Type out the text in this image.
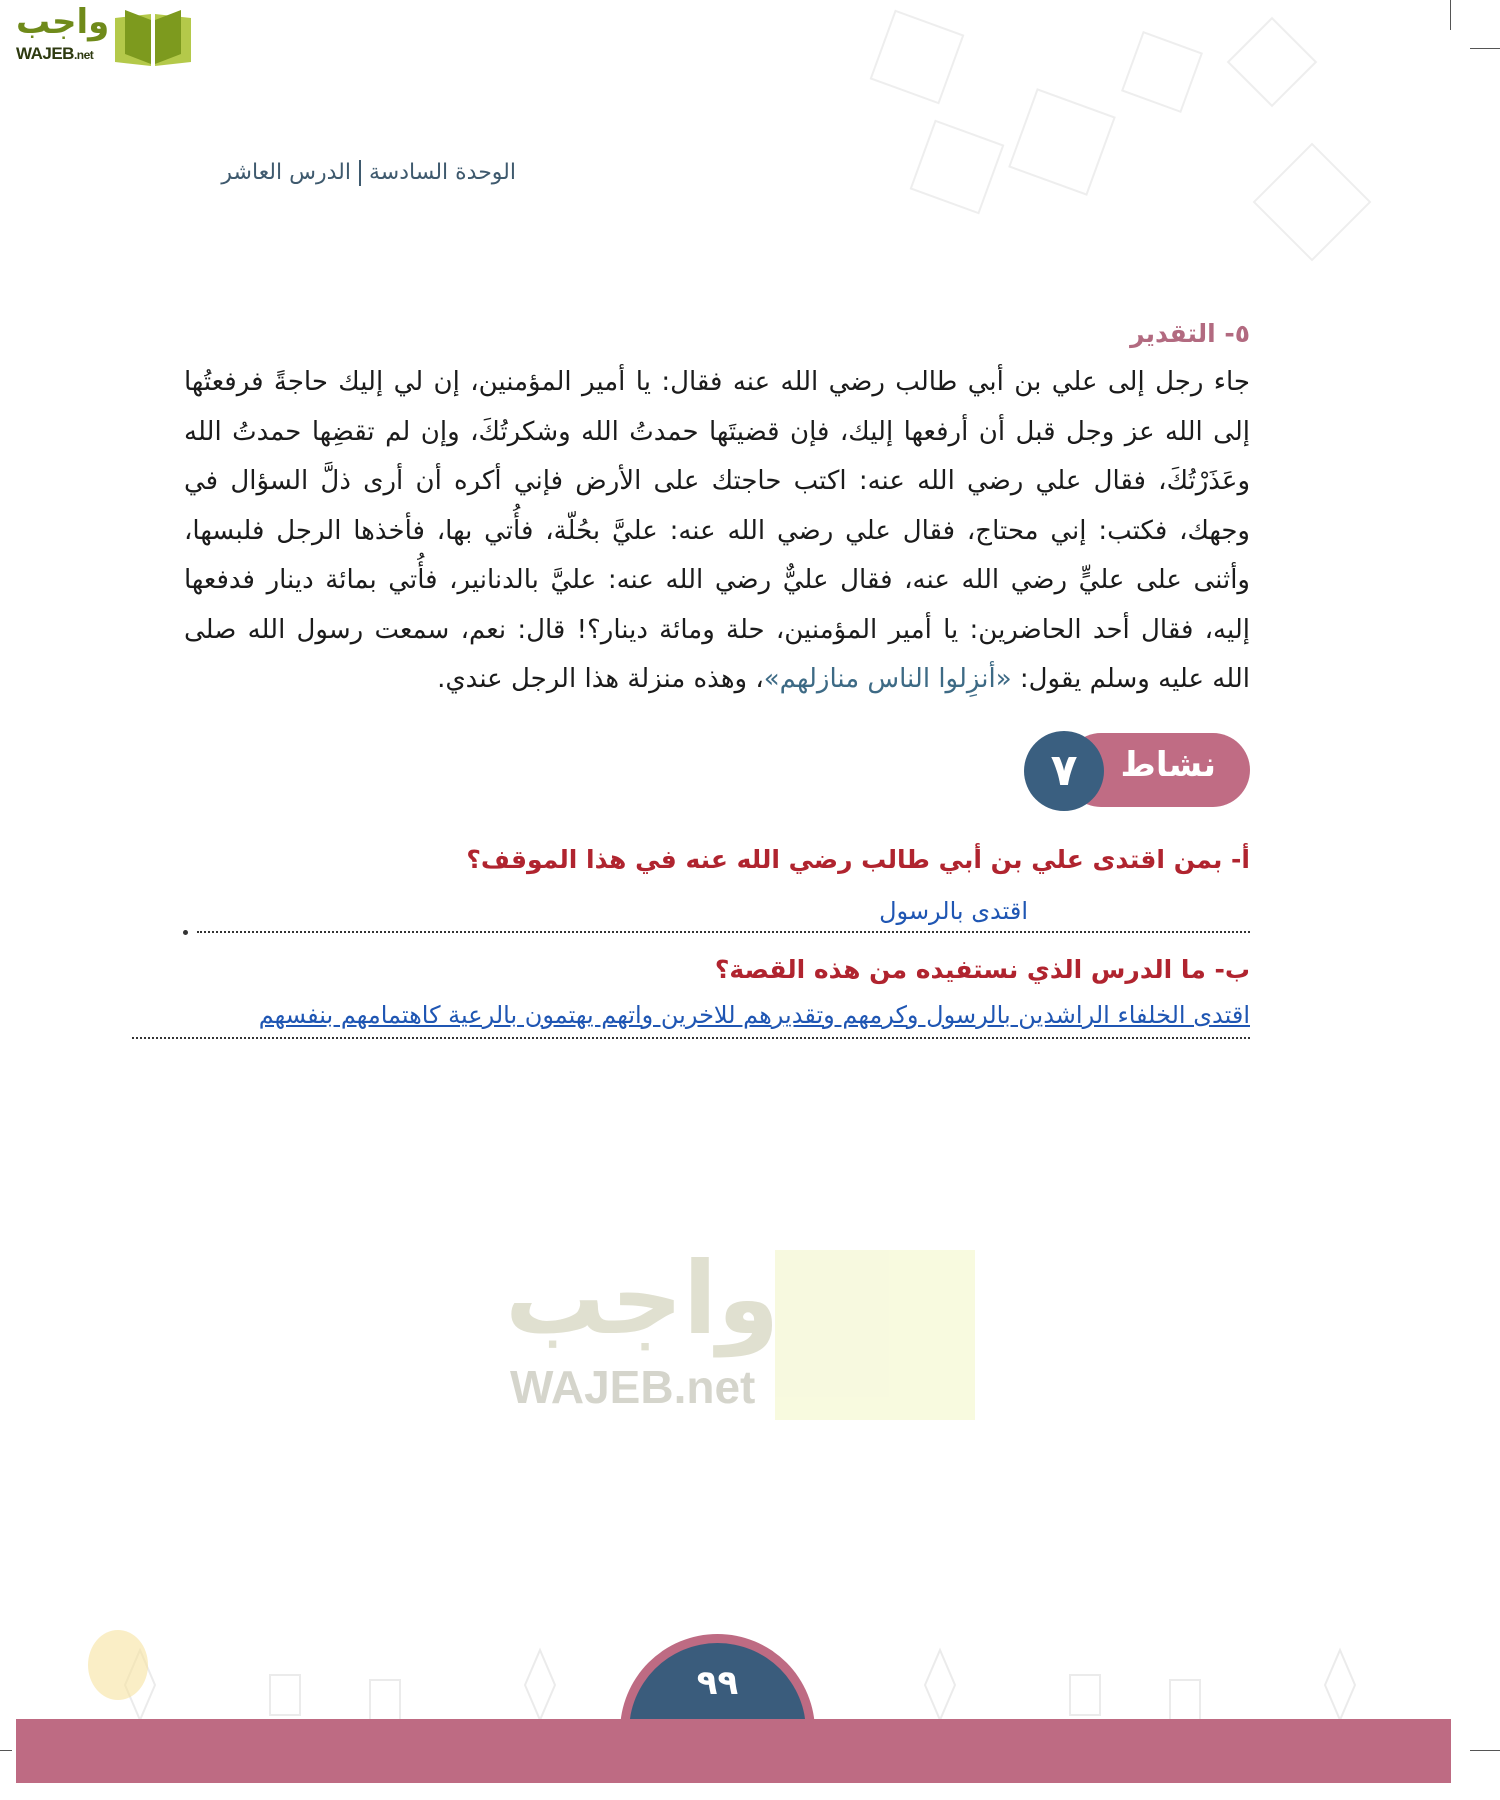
واجب
WAJEB.net
الوحدة السادسةالدرس العاشر
واجب
WAJEB.net
٥- التقدير
جاء رجل إلى علي بن أبي طالب رضي الله عنه فقال: يا أمير المؤمنين، إن لي إليك حاجةً فرفعتُها إلى الله عز وجل قبل أن أرفعها إليك، فإن قضيتَها حمدتُ الله وشكرتُكَ، وإن لم تقضِها حمدتُ الله وعَذَرْتُكَ، فقال علي رضي الله عنه: اكتب حاجتك على الأرض فإني أكره أن أرى ذلَّ السؤال في وجهك، فكتب: إني محتاج، فقال علي رضي الله عنه: عليَّ بحُلّة، فأُتي بها، فأخذها الرجل فلبسها، وأثنى على عليٍّ رضي الله عنه، فقال عليٌّ رضي الله عنه: عليَّ بالدنانير، فأُتي بمائة دينار فدفعها إليه، فقال أحد الحاضرين: يا أمير المؤمنين، حلة ومائة دينار؟! قال: نعم، سمعت رسول الله صلى الله عليه وسلم يقول: «أنزِلوا الناس منازلهم»، وهذه منزلة هذا الرجل عندي.
نشاط
٧
أ- بمن اقتدى علي بن أبي طالب رضي الله عنه في هذا الموقف؟
اقتدى بالرسول
ب- ما الدرس الذي نستفيده من هذه القصة؟
اقتدى الخلفاء الراشدين بالرسول وكرمهم وتقديرهم للاخرين واتهم يهتمون بالرعية كاهتمامهم بنفسهم
٩٩
